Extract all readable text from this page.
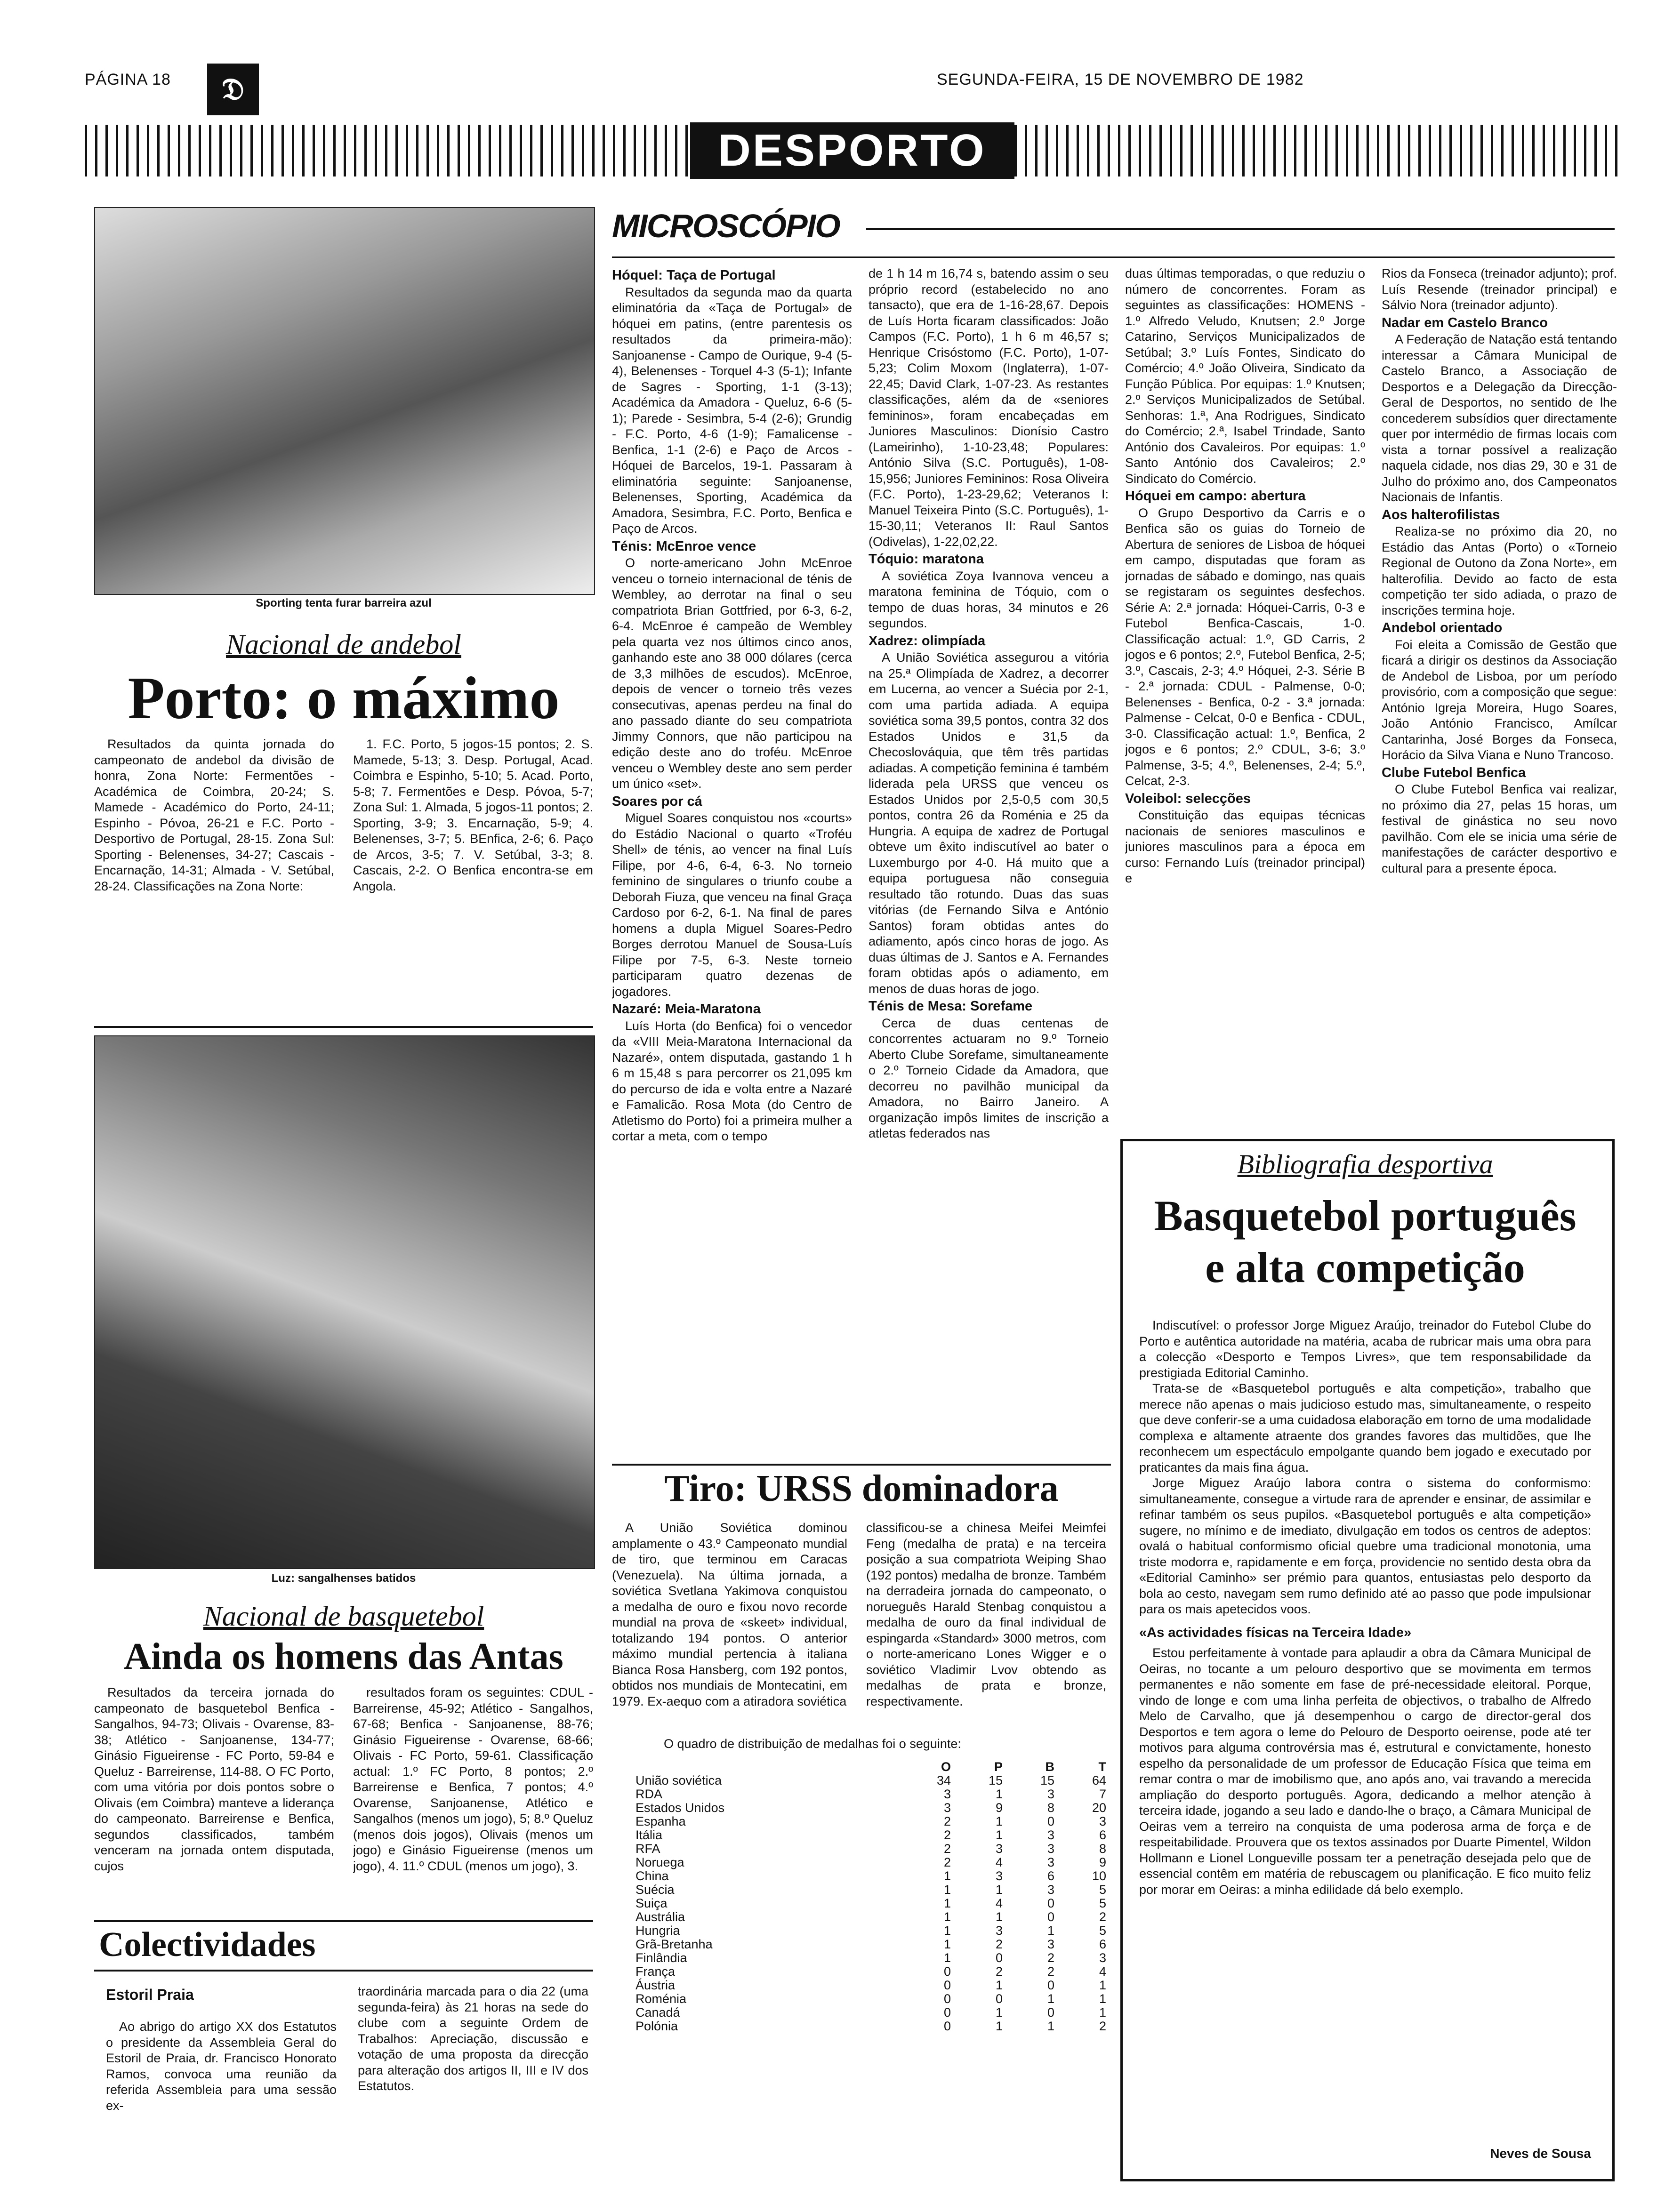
PÁGINA 18	𝔇	SEGUNDA-FEIRA, 15 DE NOVEMBRO DE 1982
DESPORTO
Sporting tenta furar barreira azul
Nacional de andebol
Porto: o máximo

Resultados da quinta jornada do campeonato de andebol da divisão de honra, Zona Norte: Fermentões - Académica de Coimbra, 20-24; S. Mamede - Académico do Porto, 24-11; Espinho - Póvoa, 26-21 e F.C. Porto - Desportivo de Portugal, 28-15. Zona Sul: Sporting - Belenenses, 34-27; Cascais - Encarnação, 14-31; Almada - V. Setúbal, 28-24. Classificações na Zona Norte:

1. F.C. Porto, 5 jogos-15 pontos; 2. S. Mamede, 5-13; 3. Desp. Portugal, Acad. Coimbra e Espinho, 5-10; 5. Acad. Porto, 5-8; 7. Fermentões e Desp. Póvoa, 5-7; Zona Sul: 1. Almada, 5 jogos-11 pontos; 2. Sporting, 3-9; 3. Encarnação, 5-9; 4. Belenenses, 3-7; 5. BEnfica, 2-6; 6. Paço de Arcos, 3-5; 7. V. Setúbal, 3-3; 8. Cascais, 2-2. O Benfica encontra-se em Angola.

Luz: sangalhenses batidos
Nacional de basquetebol
Ainda os homens das Antas

Resultados da terceira jornada do campeonato de basquetebol Benfica - Sangalhos, 94-73; Olivais - Ovarense, 83-38; Atlético - Sanjoanense, 134-77; Ginásio Figueirense - FC Porto, 59-84 e Queluz - Barreirense, 114-88. O FC Porto, com uma vitória por dois pontos sobre o Olivais (em Coimbra) manteve a liderança do campeonato. Barreirense e Benfica, segundos classificados, também venceram na jornada ontem disputada, cujos

resultados foram os seguintes: CDUL - Barreirense, 45-92; Atlético - Sangalhos, 67-68; Benfica - Sanjoanense, 88-76; Ginásio Figueirense - Ovarense, 68-66; Olivais - FC Porto, 59-61. Classificação actual: 1.º FC Porto, 8 pontos; 2.º Barreirense e Benfica, 7 pontos; 4.º Ovarense, Sanjoanense, Atlético e Sangalhos (menos um jogo), 5; 8.º Queluz (menos dois jogos), Olivais (menos um jogo) e Ginásio Figueirense (menos um jogo), 4. 11.º CDUL (menos um jogo), 3.

Colectividades
Estoril Praia

Ao abrigo do artigo XX dos Estatutos o presidente da Assembleia Geral do Estoril de Praia, dr. Francisco Honorato Ramos, convoca uma reunião da referida Assembleia para uma sessão ex-

traordinária marcada para o dia 22 (uma segunda-feira) às 21 horas na sede do clube com a seguinte Ordem de Trabalhos: Apreciação, discussão e votação de uma proposta da direcção para alteração dos artigos II, III e IV dos Estatutos.

MICROSCÓPIO
Hóquel: Taça de Portugal

Resultados da segunda mao da quarta eliminatória da «Taça de Portugal» de hóquei em patins, (entre parentesis os resultados da primeira-mão): Sanjoanense - Campo de Ourique, 9-4 (5-4), Belenenses - Torquel 4-3 (5-1); Infante de Sagres - Sporting, 1-1 (3-13); Académica da Amadora - Queluz, 6-6 (5-1); Parede - Sesimbra, 5-4 (2-6); Grundig - F.C. Porto, 4-6 (1-9); Famalicense - Benfica, 1-1 (2-6) e Paço de Arcos - Hóquei de Barcelos, 19-1. Passaram à eliminatória seguinte: Sanjoanense, Belenenses, Sporting, Académica da Amadora, Sesimbra, F.C. Porto, Benfica e Paço de Arcos.

Ténis: McEnroe vence

O norte-americano John McEnroe venceu o torneio internacional de ténis de Wembley, ao derrotar na final o seu compatriota Brian Gottfried, por 6-3, 6-2, 6-4. McEnroe é campeão de Wembley pela quarta vez nos últimos cinco anos, ganhando este ano 38 000 dólares (cerca de 3,3 milhões de escudos). McEnroe, depois de vencer o torneio três vezes consecutivas, apenas perdeu na final do ano passado diante do seu compatriota Jimmy Connors, que não participou na edição deste ano do troféu. McEnroe venceu o Wembley deste ano sem perder um único «set».

Soares por cá

Miguel Soares conquistou nos «courts» do Estádio Nacional o quarto «Troféu Shell» de ténis, ao vencer na final Luís Filipe, por 4-6, 6-4, 6-3. No torneio feminino de singulares o triunfo coube a Deborah Fiuza, que venceu na final Graça Cardoso por 6-2, 6-1. Na final de pares homens a dupla Miguel Soares-Pedro Borges derrotou Manuel de Sousa-Luís Filipe por 7-5, 6-3. Neste torneio participaram quatro dezenas de jogadores.

Nazaré: Meia-Maratona

Luís Horta (do Benfica) foi o vencedor da «VIII Meia-Maratona Internacional da Nazaré», ontem disputada, gastando 1 h 6 m 15,48 s para percorrer os 21,095 km do percurso de ida e volta entre a Nazaré e Famalicão. Rosa Mota (do Centro de Atletismo do Porto) foi a primeira mulher a cortar a meta, com o tempo

de 1 h 14 m 16,74 s, batendo assim o seu próprio record (estabelecido no ano tansacto), que era de 1-16-28,67. Depois de Luís Horta ficaram classificados: João Campos (F.C. Porto), 1 h 6 m 46,57 s; Henrique Crisóstomo (F.C. Porto), 1-07-5,23; Colim Moxom (Inglaterra), 1-07-22,45; David Clark, 1-07-23. As restantes classificações, além da de «seniores femininos», foram encabeçadas em Juniores Masculinos: Dionísio Castro (Lameirinho), 1-10-23,48; Populares: António Silva (S.C. Português), 1-08-15,956; Juniores Femininos: Rosa Oliveira (F.C. Porto), 1-23-29,62; Veteranos I: Manuel Teixeira Pinto (S.C. Português), 1-15-30,11; Veteranos II: Raul Santos (Odivelas), 1-22,02,22.

Tóquio: maratona

A soviética Zoya Ivannova venceu a maratona feminina de Tóquio, com o tempo de duas horas, 34 minutos e 26 segundos.

Xadrez: olimpíada

A União Soviética assegurou a vitória na 25.ª Olimpíada de Xadrez, a decorrer em Lucerna, ao vencer a Suécia por 2-1, com uma partida adiada. A equipa soviética soma 39,5 pontos, contra 32 dos Estados Unidos e 31,5 da Checoslováquia, que têm três partidas adiadas. A competição feminina é também liderada pela URSS que venceu os Estados Unidos por 2,5-0,5 com 30,5 pontos, contra 26 da Roménia e 25 da Hungria. A equipa de xadrez de Portugal obteve um êxito indiscutível ao bater o Luxemburgo por 4-0. Há muito que a equipa portuguesa não conseguia resultado tão rotundo. Duas das suas vitórias (de Fernando Silva e António Santos) foram obtidas antes do adiamento, após cinco horas de jogo. As duas últimas de J. Santos e A. Fernandes foram obtidas após o adiamento, em menos de duas horas de jogo.

Ténis de Mesa: Sorefame

Cerca de duas centenas de concorrentes actuaram no 9.º Torneio Aberto Clube Sorefame, simultaneamente o 2.º Torneio Cidade da Amadora, que decorreu no pavilhão municipal da Amadora, no Bairro Janeiro. A organização impôs limites de inscrição a atletas federados nas

duas últimas temporadas, o que reduziu o número de concorrentes. Foram as seguintes as classificações: HOMENS - 1.º Alfredo Veludo, Knutsen; 2.º Jorge Catarino, Serviços Municipalizados de Setúbal; 3.º Luís Fontes, Sindicato do Comércio; 4.º João Oliveira, Sindicato da Função Pública. Por equipas: 1.º Knutsen; 2.º Serviços Municipalizados de Setúbal. Senhoras: 1.ª, Ana Rodrigues, Sindicato do Comércio; 2.ª, Isabel Trindade, Santo António dos Cavaleiros. Por equipas: 1.º Santo António dos Cavaleiros; 2.º Sindicato do Comércio.

Hóquei em campo: abertura

O Grupo Desportivo da Carris e o Benfica são os guias do Torneio de Abertura de seniores de Lisboa de hóquei em campo, disputadas que foram as jornadas de sábado e domingo, nas quais se registaram os seguintes desfechos. Série A: 2.ª jornada: Hóquei-Carris, 0-3 e Futebol Benfica-Cascais, 1-0. Classificação actual: 1.º, GD Carris, 2 jogos e 6 pontos; 2.º, Futebol Benfica, 2-5; 3.º, Cascais, 2-3; 4.º Hóquei, 2-3. Série B - 2.ª jornada: CDUL - Palmense, 0-0; Belenenses - Benfica, 0-2 - 3.ª jornada: Palmense - Celcat, 0-0 e Benfica - CDUL, 3-0. Classificação actual: 1.º, Benfica, 2 jogos e 6 pontos; 2.º CDUL, 3-6; 3.º Palmense, 3-5; 4.º, Belenenses, 2-4; 5.º, Celcat, 2-3.

Voleibol: selecções

Constituição das equipas técnicas nacionais de seniores masculinos e juniores masculinos para a época em curso: Fernando Luís (treinador principal) e

Rios da Fonseca (treinador adjunto); prof. Luís Resende (treinador principal) e Sálvio Nora (treinador adjunto).

Nadar em Castelo Branco

A Federação de Natação está tentando interessar a Câmara Municipal de Castelo Branco, a Associação de Desportos e a Delegação da Direcção-Geral de Desportos, no sentido de lhe concederem subsídios quer directamente quer por intermédio de firmas locais com vista a tornar possível a realização naquela cidade, nos dias 29, 30 e 31 de Julho do próximo ano, dos Campeonatos Nacionais de Infantis.

Aos halterofilistas

Realiza-se no próximo dia 20, no Estádio das Antas (Porto) o «Torneio Regional de Outono da Zona Norte», em halterofilia. Devido ao facto de esta competição ter sido adiada, o prazo de inscrições termina hoje.

Andebol orientado

Foi eleita a Comissão de Gestão que ficará a dirigir os destinos da Associação de Andebol de Lisboa, por um período provisório, com a composição que segue: António Igreja Moreira, Hugo Soares, João António Francisco, Amílcar Cantarinha, José Borges da Fonseca, Horácio da Silva Viana e Nuno Trancoso.

Clube Futebol Benfica

O Clube Futebol Benfica vai realizar, no próximo dia 27, pelas 15 horas, um festival de ginástica no seu novo pavilhão. Com ele se inicia uma série de manifestações de carácter desportivo e cultural para a presente época.

Tiro: URSS dominadora

A União Soviética dominou amplamente o 43.º Campeonato mundial de tiro, que terminou em Caracas (Venezuela). Na última jornada, a soviética Svetlana Yakimova conquistou a medalha de ouro e fixou novo recorde mundial na prova de «skeet» individual, totalizando 194 pontos. O anterior máximo mundial pertencia à italiana Bianca Rosa Hansberg, com 192 pontos, obtidos nos mundiais de Montecatini, em 1979. Ex-aequo com a atiradora soviética

classificou-se a chinesa Meifei Meimfei Feng (medalha de prata) e na terceira posição a sua compatriota Weiping Shao (192 pontos) medalha de bronze. Também na derradeira jornada do campeonato, o norueguês Harald Stenbag conquistou a medalha de ouro da final individual de espingarda «Standard» 3000 metros, com o norte-americano Lones Wigger e o soviético Vladimir Lvov obtendo as medalhas de prata e bronze, respectivamente.

O quadro de distribuição de medalhas foi o seguinte:
	O	P	B	T
União soviética	34	15	15	64
RDA	3	1	3	7
Estados Unidos	3	9	8	20
Espanha	2	1	0	3
Itália	2	1	3	6
RFA	2	3	3	8
Noruega	2	4	3	9
China	1	3	6	10
Suécia	1	1	3	5
Suiça	1	4	0	5
Austrália	1	1	0	2
Hungria	1	3	1	5
Grã-Bretanha	1	2	3	6
Finlândia	1	0	2	3
França	0	2	2	4
Áustria	0	1	0	1
Roménia	0	0	1	1
Canadá	0	1	0	1
Polónia	0	1	1	2
Bibliografia desportiva
Basquetebol português
e alta competição

Indiscutível: o professor Jorge Miguez Araújo, treinador do Futebol Clube do Porto e autêntica autoridade na matéria, acaba de rubricar mais uma obra para a colecção «Desporto e Tempos Livres», que tem responsabilidade da prestigiada Editorial Caminho.

Trata-se de «Basquetebol português e alta competição», trabalho que merece não apenas o mais judicioso estudo mas, simultaneamente, o respeito que deve conferir-se a uma cuidadosa elaboração em torno de uma modalidade complexa e altamente atraente dos grandes favores das multidões, que lhe reconhecem um espectáculo empolgante quando bem jogado e executado por praticantes da mais fina água.

Jorge Miguez Araújo labora contra o sistema do conformismo: simultaneamente, consegue a virtude rara de aprender e ensinar, de assimilar e refinar também os seus pupilos. «Basquetebol português e alta competição» sugere, no mínimo e de imediato, divulgação em todos os centros de adeptos: ovalá o habitual conformismo oficial quebre uma tradicional monotonia, uma triste modorra e, rapidamente e em força, providencie no sentido desta obra da «Editorial Caminho» ser prémio para quantos, entusiastas pelo desporto da bola ao cesto, navegam sem rumo definido até ao passo que pode impulsionar para os mais apetecidos voos.

«As actividades físicas na Terceira Idade»

Estou perfeitamente à vontade para aplaudir a obra da Câmara Municipal de Oeiras, no tocante a um pelouro desportivo que se movimenta em termos permanentes e não somente em fase de pré-necessidade eleitoral. Porque, vindo de longe e com uma linha perfeita de objectivos, o trabalho de Alfredo Melo de Carvalho, que já desempenhou o cargo de director-geral dos Desportos e tem agora o leme do Pelouro de Desporto oeirense, pode até ter motivos para alguma controvérsia mas é, estrutural e convictamente, honesto espelho da personalidade de um professor de Educação Física que teima em remar contra o mar de imobilismo que, ano após ano, vai travando a merecida ampliação do desporto português. Agora, dedicando a melhor atenção à terceira idade, jogando a seu lado e dando-lhe o braço, a Câmara Municipal de Oeiras vem a terreiro na conquista de uma poderosa arma de força e de respeitabilidade. Prouvera que os textos assinados por Duarte Pimentel, Wildon Hollmann e Lionel Longueville possam ter a penetração desejada pelo que de essencial contêm em matéria de rebuscagem ou planificação. E fico muito feliz por morar em Oeiras: a minha edilidade dá belo exemplo.

Neves de Sousa
